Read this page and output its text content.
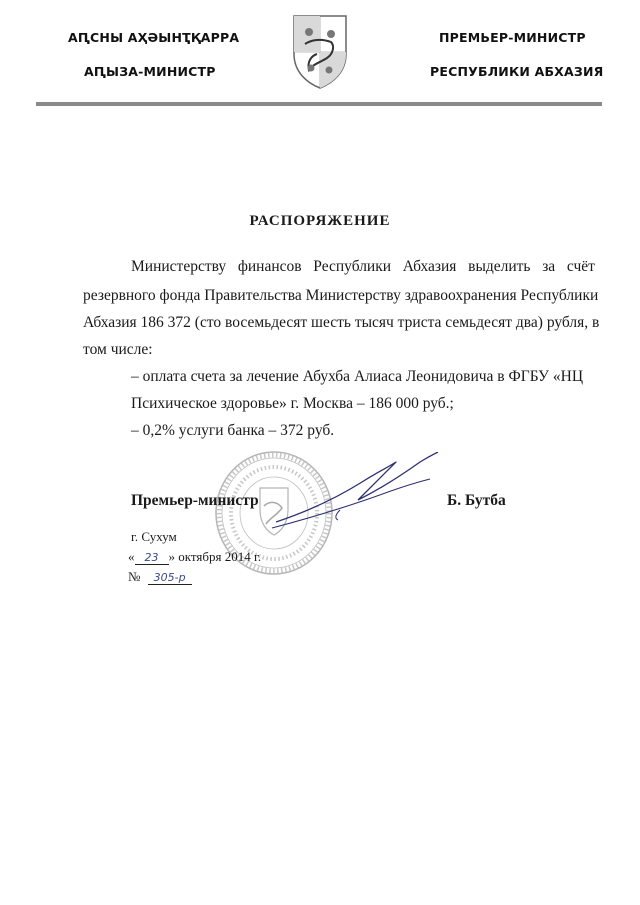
АԤСНЫ АҲӘЫНҬҚАРРА
АԤЫЗА-МИНИСТР
ПРЕМЬЕР-МИНИСТР
РЕСПУБЛИКИ АБХАЗИЯ
РАСПОРЯЖЕНИЕ
Министерству финансов Республики Абхазия выделить за счёт
резервного фонда Правительства Министерству здравоохранения Республики
Абхазия 186 372 (сто восемьдесят шесть тысяч триста семьдесят два) рубля, в
том числе:
– оплата счета за лечение Абухба Алиаса Леонидовича в ФГБУ «НЦ
Психическое здоровье» г. Москва – 186 000 руб.;
– 0,2% услуги банка – 372 руб.
Премьер-министр	Б. Бутба
г. Сухум
« 23 » октября 2014 г.
№ 305-р
